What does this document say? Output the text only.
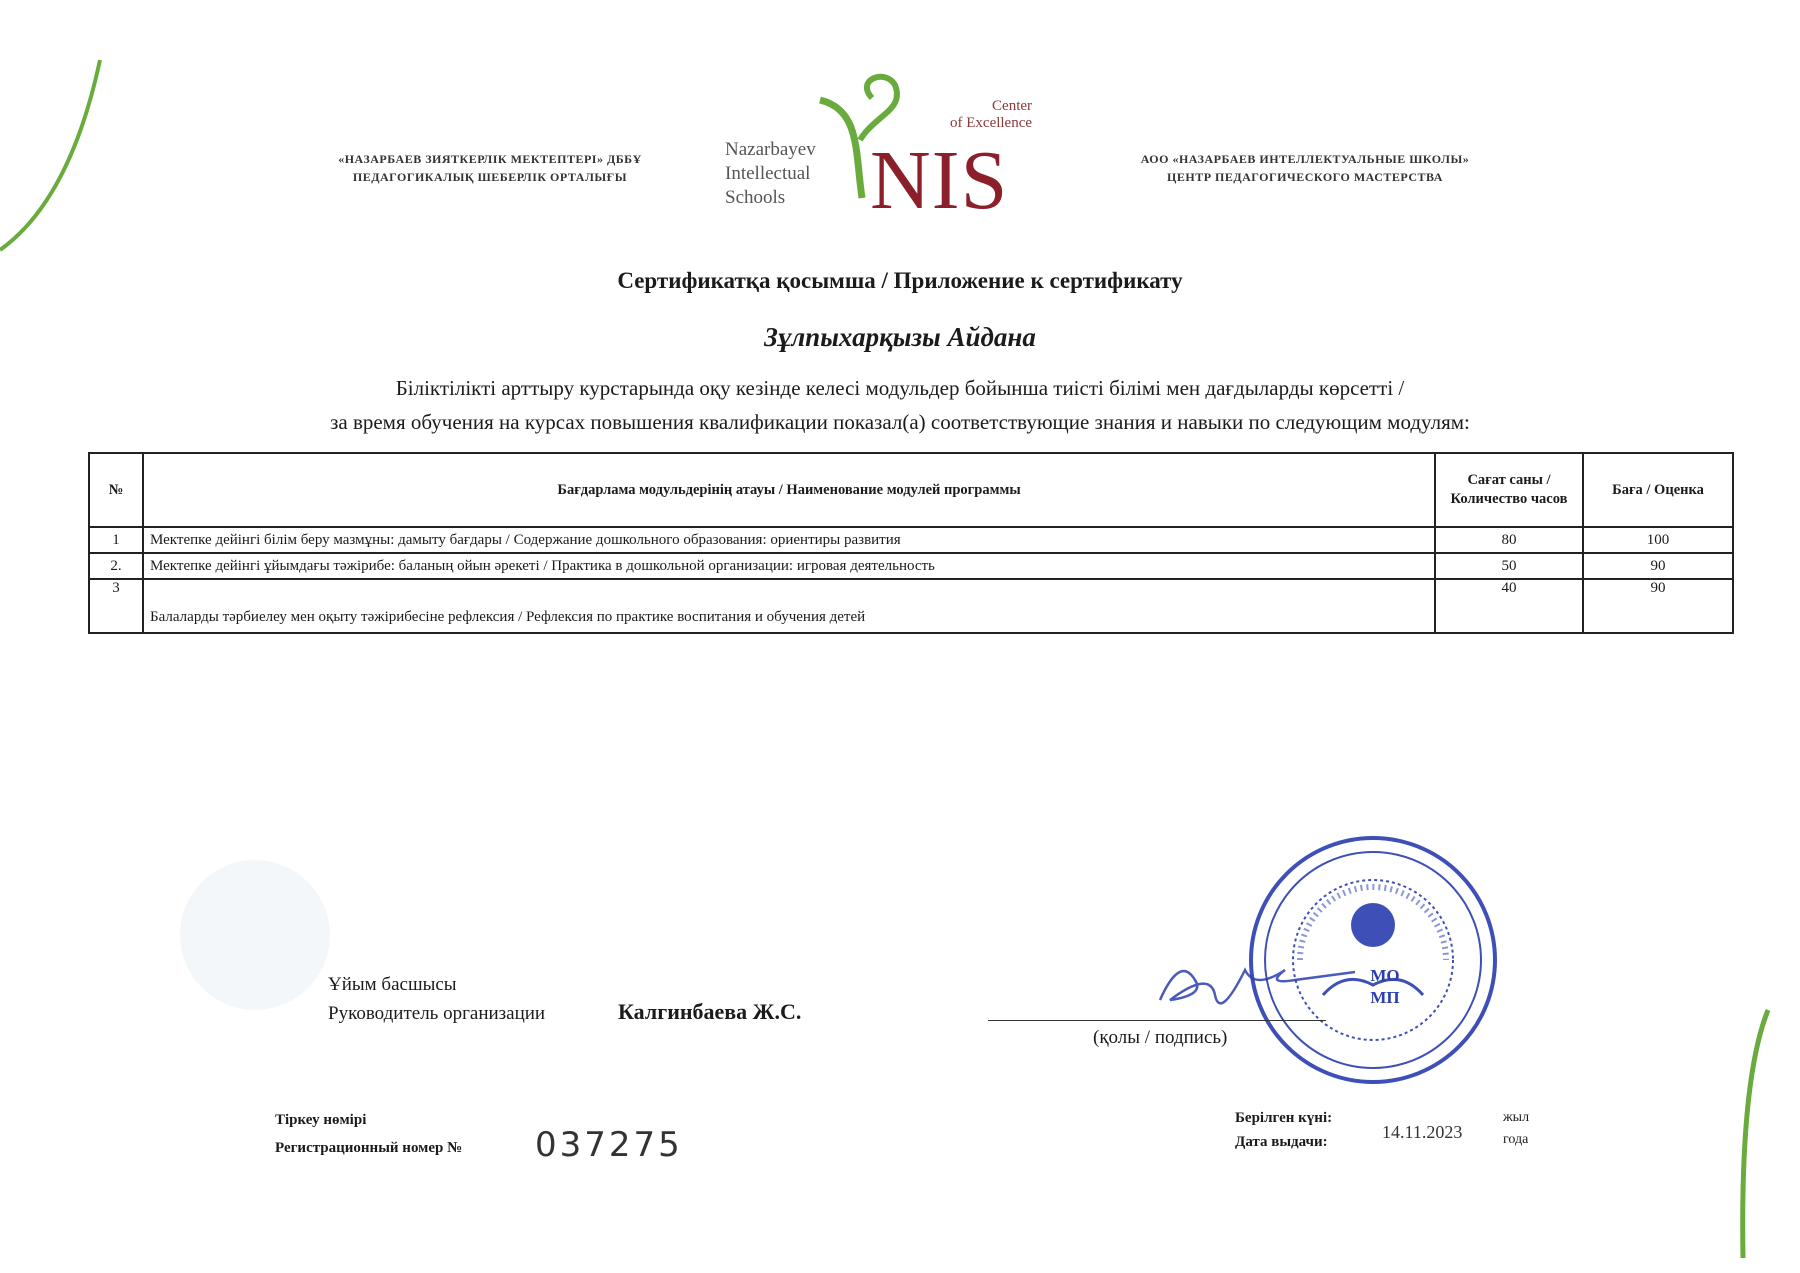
«НАЗАРБАЕВ ЗИЯТКЕРЛІК МЕКТЕПТЕРІ» ДББҰ
ПЕДАГОГИКАЛЫҚ ШЕБЕРЛІК ОРТАЛЫҒЫ
Nazarbayev
Intellectual
Schools
Center
of Excellence
NIS	АОО «НАЗАРБАЕВ ИНТЕЛЛЕКТУАЛЬНЫЕ ШКОЛЫ»
ЦЕНТР ПЕДАГОГИЧЕСКОГО МАСТЕРСТВА
Сертификатқа қосымша / Приложение к сертификату
Зұлпыхарқызы Айдана
Біліктілікті арттыру курстарында оқу кезінде келесі модульдер бойынша тиісті білімі мен дағдыларды көрсетті /
за время обучения на курсах повышения квалификации показал(а) соответствующие знания и навыки по следующим модулям:
№	Бағдарлама модульдерінің атауы / Наименование модулей программы	Сағат саны / Количество часов	Баға / Оценка
1	Мектепке дейінгі білім беру мазмұны: дамыту бағдары / Содержание дошкольного образования: ориентиры развития	80	100
2.	Мектепке дейінгі ұйымдағы тәжірибе: баланың ойын әрекеті / Практика в дошкольной организации: игровая деятельность	50	90
3	Балаларды тәрбиелеу мен оқыту тәжірибесіне рефлексия / Рефлексия по практике воспитания и обучения детей	40	90
Ұйым басшысы
Руководитель организации	Калгинбаева Ж.С.
(қолы / подпись)
МО
МП
Тіркеу нөмірі
Регистрационный номер № 037275
Берілген күні:
Дата выдачи:	14.11.2023
жыл
года
